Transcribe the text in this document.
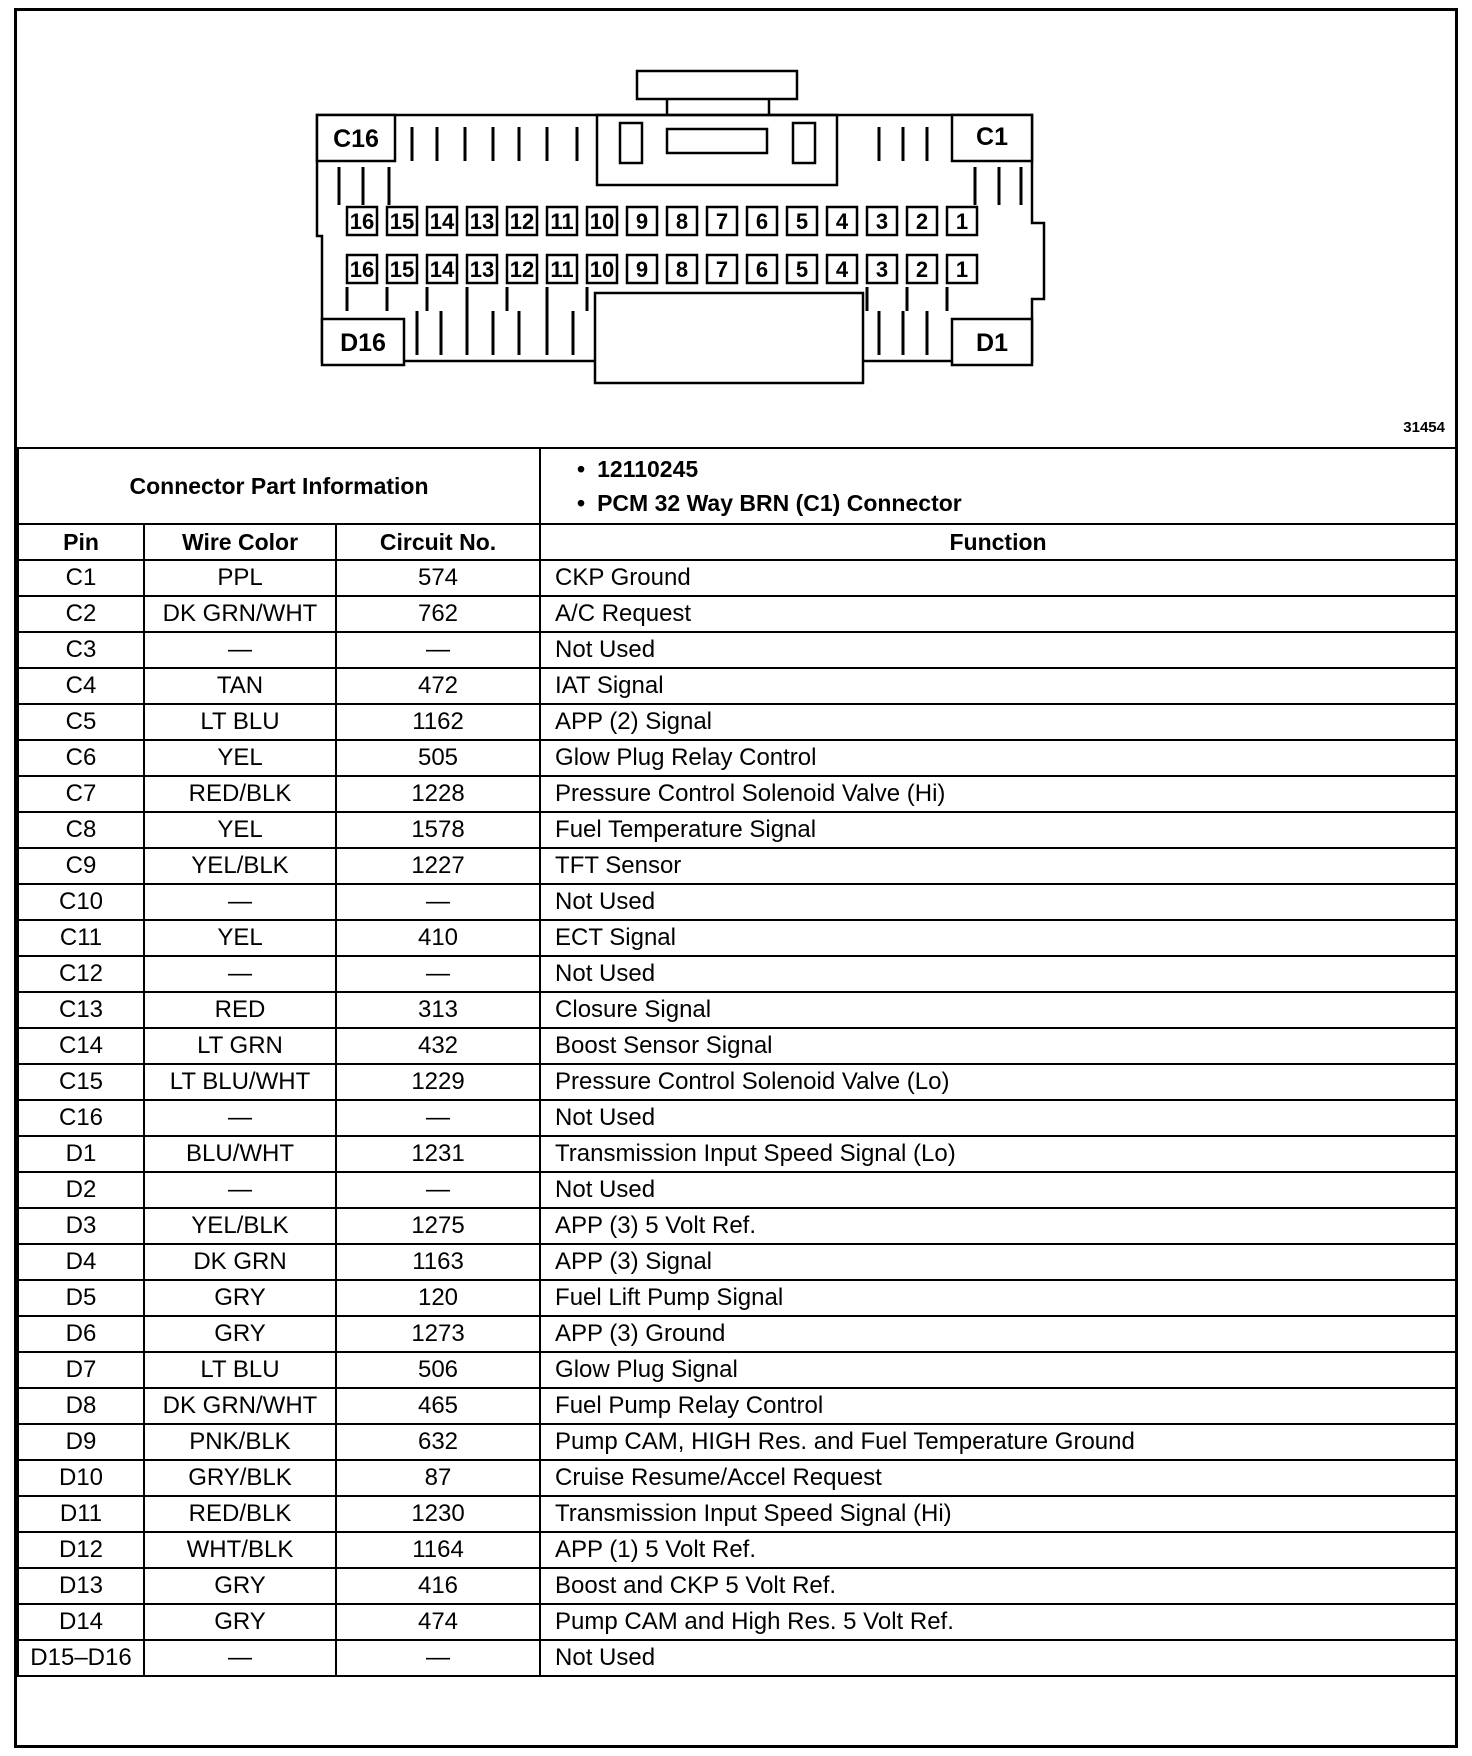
16 15 14 13 12 11 10 9 8 7 6 5 4 3 2 1
16 15 14 13 12 11 10 9 8 7 6 5 4 3 2 1
C16	C1
D16	D1
31454
Connector Part Information			• 12110245
• PCM 32 Way BRN (C1) Connector

Pin	Wire Color	Circuit No.	Function
C1	PPL	574	CKP Ground
C2	DK GRN/WHT	762	A/C Request
C3	—	—	Not Used
C4	TAN	472	IAT Signal
C5	LT BLU	1162	APP (2) Signal
C6	YEL	505	Glow Plug Relay Control
C7	RED/BLK	1228	Pressure Control Solenoid Valve (Hi)
C8	YEL	1578	Fuel Temperature Signal
C9	YEL/BLK	1227	TFT Sensor
C10	—	—	Not Used
C11	YEL	410	ECT Signal
C12	—	—	Not Used
C13	RED	313	Closure Signal
C14	LT GRN	432	Boost Sensor Signal
C15	LT BLU/WHT	1229	Pressure Control Solenoid Valve (Lo)
C16	—	—	Not Used
D1	BLU/WHT	1231	Transmission Input Speed Signal (Lo)
D2	—	—	Not Used
D3	YEL/BLK	1275	APP (3) 5 Volt Ref.
D4	DK GRN	1163	APP (3) Signal
D5	GRY	120	Fuel Lift Pump Signal
D6	GRY	1273	APP (3) Ground
D7	LT BLU	506	Glow Plug Signal
D8	DK GRN/WHT	465	Fuel Pump Relay Control
D9	PNK/BLK	632	Pump CAM, HIGH Res. and Fuel Temperature Ground
D10	GRY/BLK	87	Cruise Resume/Accel Request
D11	RED/BLK	1230	Transmission Input Speed Signal (Hi)
D12	WHT/BLK	1164	APP (1) 5 Volt Ref.
D13	GRY	416	Boost and CKP 5 Volt Ref.
D14	GRY	474	Pump CAM and High Res. 5 Volt Ref.
D15–D16	—	—	Not Used
